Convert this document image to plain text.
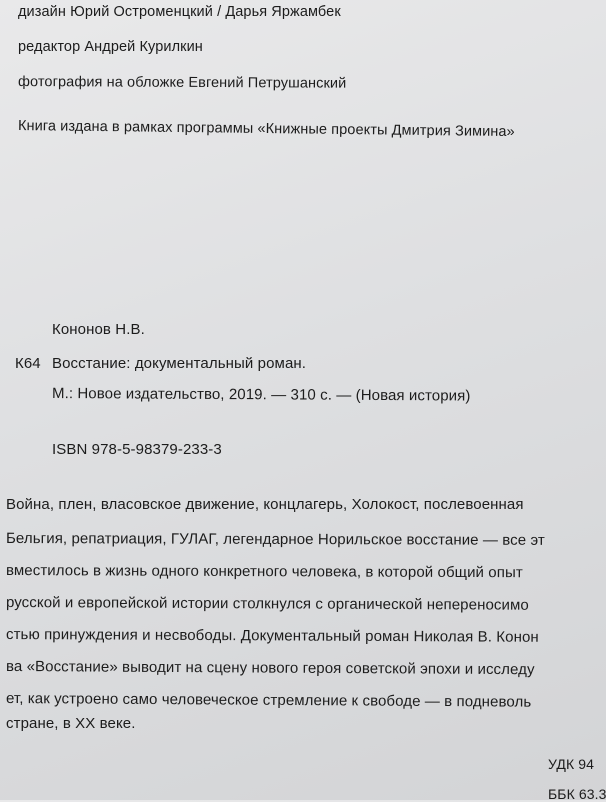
дизайн Юрий Остроменцкий / Дарья Яржамбек
редактор Андрей Курилкин
фотография на обложке Евгений Петрушанский
Книга издана в рамках программы «Книжные проекты Дмитрия Зимина»
Кононов Н.В.
К64 Восстание: документальный роман.
М.: Новое издательство, 2019. — 310 с. — (Новая история)
ISBN 978-5-98379-233-3
Война, плен, власовское движение, концлагерь, Холокост, послевоенная
Бельгия, репатриация, ГУЛАГ, легендарное Норильское восстание — все эт
вместилось в жизнь одного конкретного человека, в которой общий опыт
русской и европейской истории столкнулся с органической непереносимо
стью принуждения и несвободы. Документальный роман Николая В. Конон
ва «Восстание» выводит на сцену нового героя советской эпохи и исследу
ет, как устроено само человеческое стремление к свободе — в подневоль
стране, в XX веке.
УДК 94
ББК 63.3
